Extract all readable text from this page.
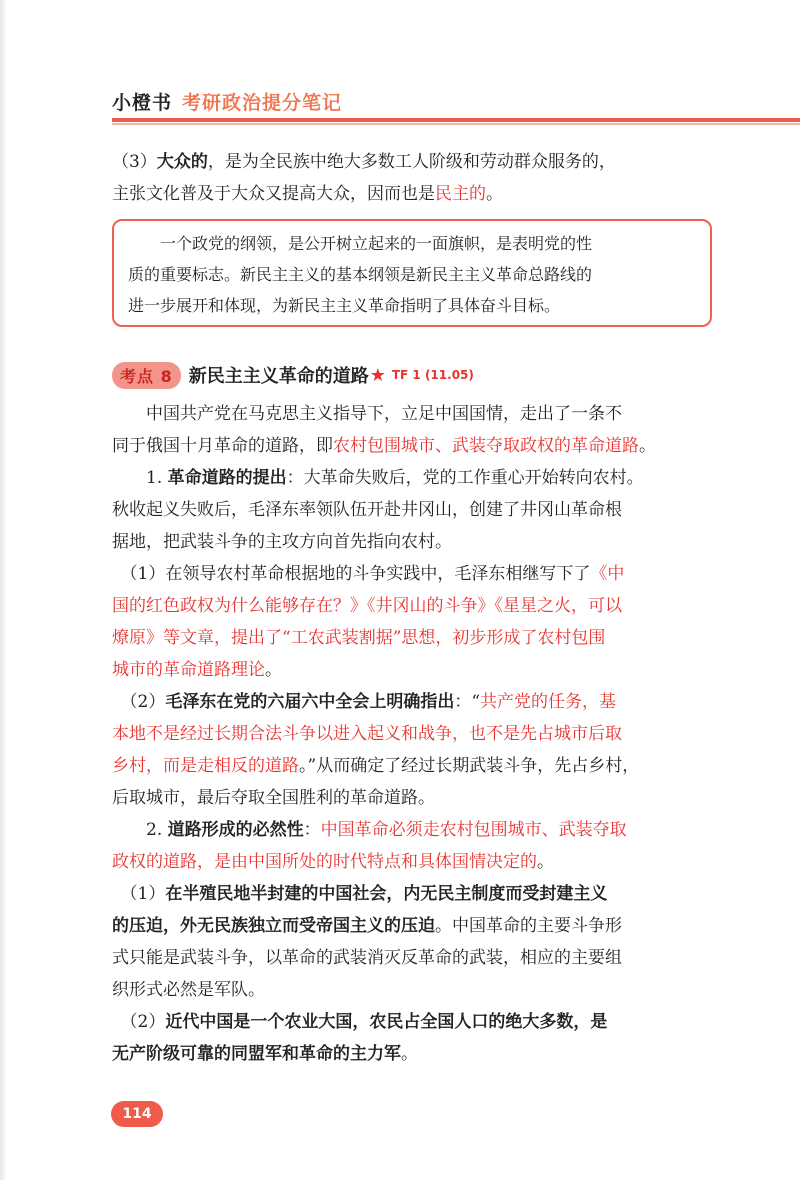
小橙书 考研政治提分笔记
（3）大众的，是为全民族中绝大多数工人阶级和劳动群众服务的，
主张文化普及于大众又提高大众，因而也是民主的。
　　一个政党的纲领，是公开树立起来的一面旗帜，是表明党的性
质的重要标志。新民主主义的基本纲领是新民主主义革命总路线的
进一步展开和体现，为新民主主义革命指明了具体奋斗目标。
考点 8 新民主主义革命的道路 ★ TF 1 (11.05)
　　中国共产党在马克思主义指导下，立足中国国情，走出了一条不
同于俄国十月革命的道路，即农村包围城市、武装夺取政权的革命道路。
　　1. 革命道路的提出：大革命失败后，党的工作重心开始转向农村。
秋收起义失败后，毛泽东率领队伍开赴井冈山，创建了井冈山革命根
据地，把武装斗争的主攻方向首先指向农村。
　（1）在领导农村革命根据地的斗争实践中，毛泽东相继写下了《中
国的红色政权为什么能够存在？》《井冈山的斗争》《星星之火，可以
燎原》等文章，提出了“工农武装割据”思想，初步形成了农村包围
城市的革命道路理论。
　（2）毛泽东在党的六届六中全会上明确指出：“共产党的任务，基
本地不是经过长期合法斗争以进入起义和战争，也不是先占城市后取
乡村，而是走相反的道路。”从而确定了经过长期武装斗争，先占乡村，
后取城市，最后夺取全国胜利的革命道路。
　　2. 道路形成的必然性：中国革命必须走农村包围城市、武装夺取
政权的道路，是由中国所处的时代特点和具体国情决定的。
　（1）在半殖民地半封建的中国社会，内无民主制度而受封建主义
的压迫，外无民族独立而受帝国主义的压迫。中国革命的主要斗争形
式只能是武装斗争，以革命的武装消灭反革命的武装，相应的主要组
织形式必然是军队。
　（2）近代中国是一个农业大国，农民占全国人口的绝大多数，是
无产阶级可靠的同盟军和革命的主力军。
114
